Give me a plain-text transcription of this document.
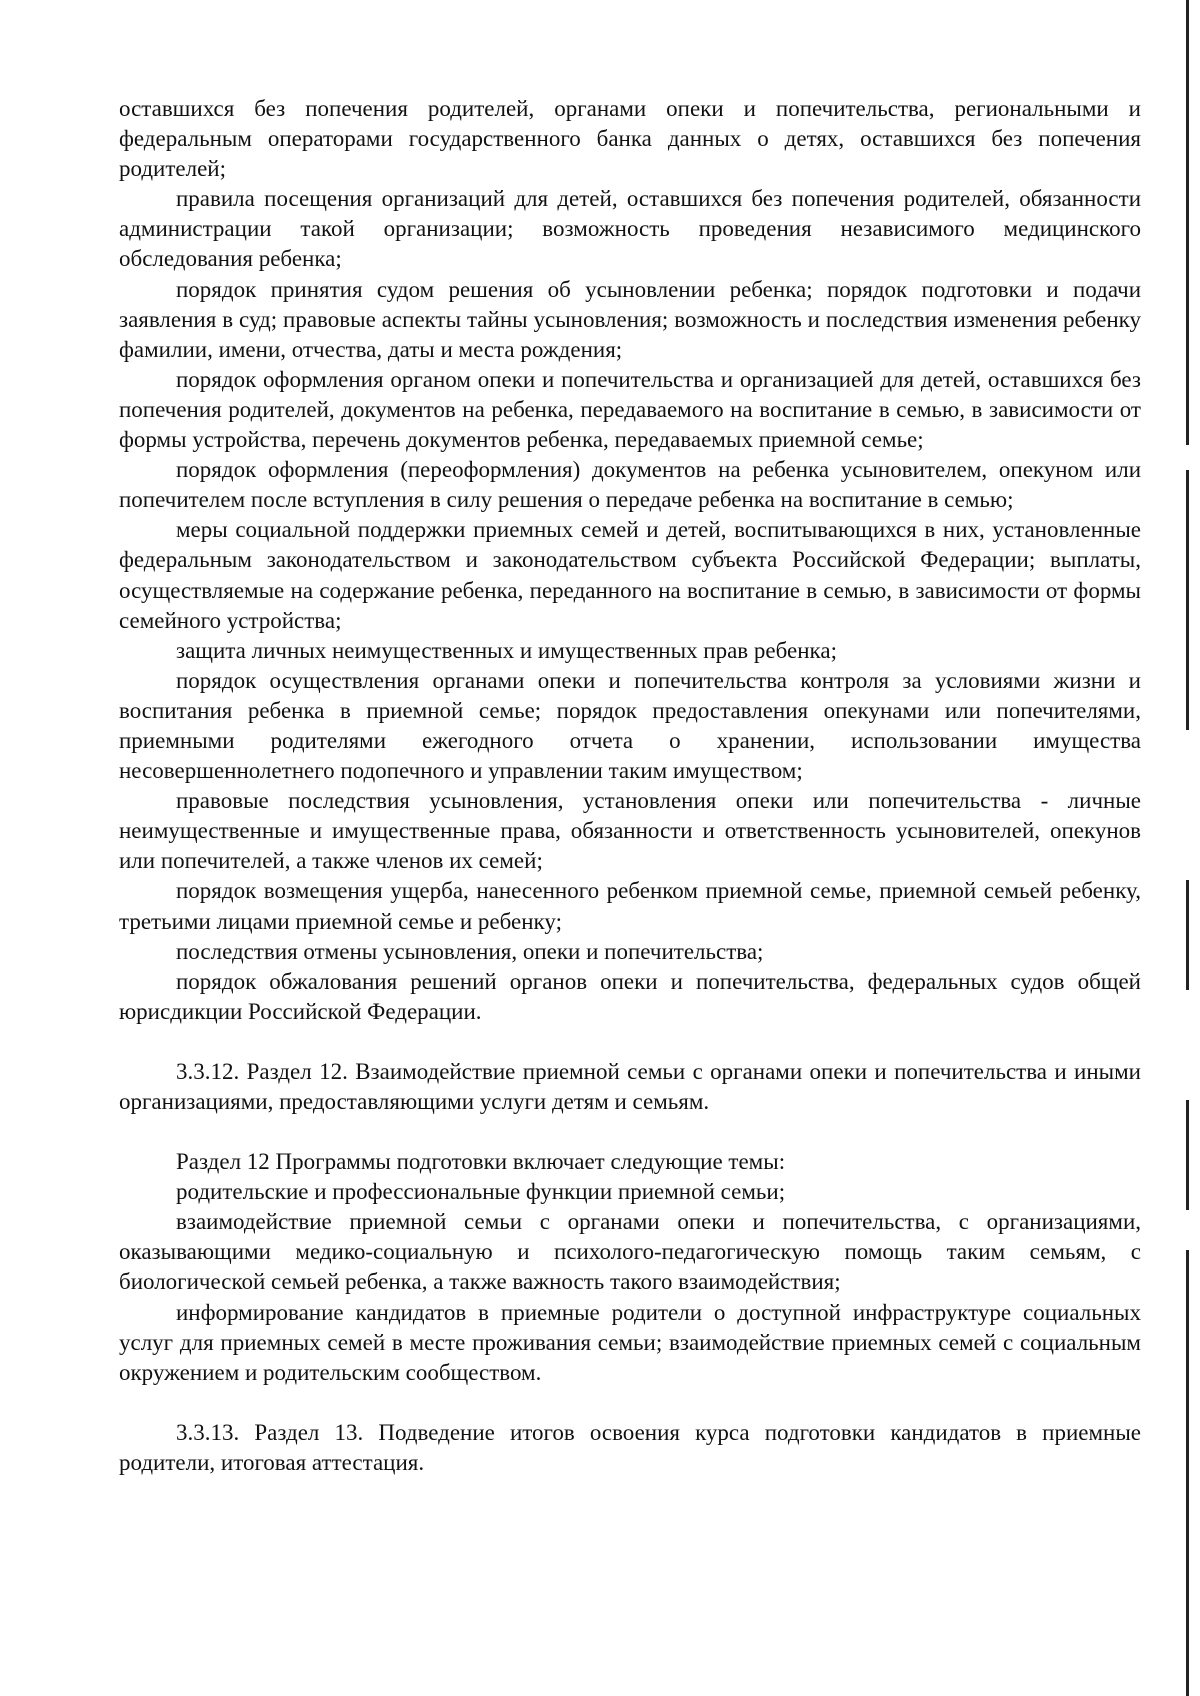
оставшихся без попечения родителей, органами опеки и попечительства, региональными и федеральным операторами государственного банка данных о детях, оставшихся без попечения родителей;

правила посещения организаций для детей, оставшихся без попечения родителей, обязанности администрации такой организации; возможность проведения независимого медицинского обследования ребенка;

порядок принятия судом решения об усыновлении ребенка; порядок подготовки и подачи заявления в суд; правовые аспекты тайны усыновления; возможность и последствия изменения ребенку фамилии, имени, отчества, даты и места рождения;

порядок оформления органом опеки и попечительства и организацией для детей, оставшихся без попечения родителей, документов на ребенка, передаваемого на воспитание в семью, в зависимости от формы устройства, перечень документов ребенка, передаваемых приемной семье;

порядок оформления (переоформления) документов на ребенка усыновителем, опекуном или попечителем после вступления в силу решения о передаче ребенка на воспитание в семью;

меры социальной поддержки приемных семей и детей, воспитывающихся в них, установленные федеральным законодательством и законодательством субъекта Российской Федерации; выплаты, осуществляемые на содержание ребенка, переданного на воспитание в семью, в зависимости от формы семейного устройства;

защита личных неимущественных и имущественных прав ребенка;

порядок осуществления органами опеки и попечительства контроля за условиями жизни и воспитания ребенка в приемной семье; порядок предоставления опекунами или попечителями, приемными родителями ежегодного отчета о хранении, использовании имущества несовершеннолетнего подопечного и управлении таким имуществом;

правовые последствия усыновления, установления опеки или попечительства - личные неимущественные и имущественные права, обязанности и ответственность усыновителей, опекунов или попечителей, а также членов их семей;

порядок возмещения ущерба, нанесенного ребенком приемной семье, приемной семьей ребенку, третьими лицами приемной семье и ребенку;

последствия отмены усыновления, опеки и попечительства;

порядок обжалования решений органов опеки и попечительства, федеральных судов общей юрисдикции Российской Федерации.

3.3.12. Раздел 12. Взаимодействие приемной семьи с органами опеки и попечительства и иными организациями, предоставляющими услуги детям и семьям.

Раздел 12 Программы подготовки включает следующие темы:

родительские и профессиональные функции приемной семьи;

взаимодействие приемной семьи с органами опеки и попечительства, с организациями, оказывающими медико-социальную и психолого-педагогическую помощь таким семьям, с биологической семьей ребенка, а также важность такого взаимодействия;

информирование кандидатов в приемные родители о доступной инфраструктуре социальных услуг для приемных семей в месте проживания семьи; взаимодействие приемных семей с социальным окружением и родительским сообществом.

3.3.13. Раздел 13. Подведение итогов освоения курса подготовки кандидатов в приемные родители, итоговая аттестация.
